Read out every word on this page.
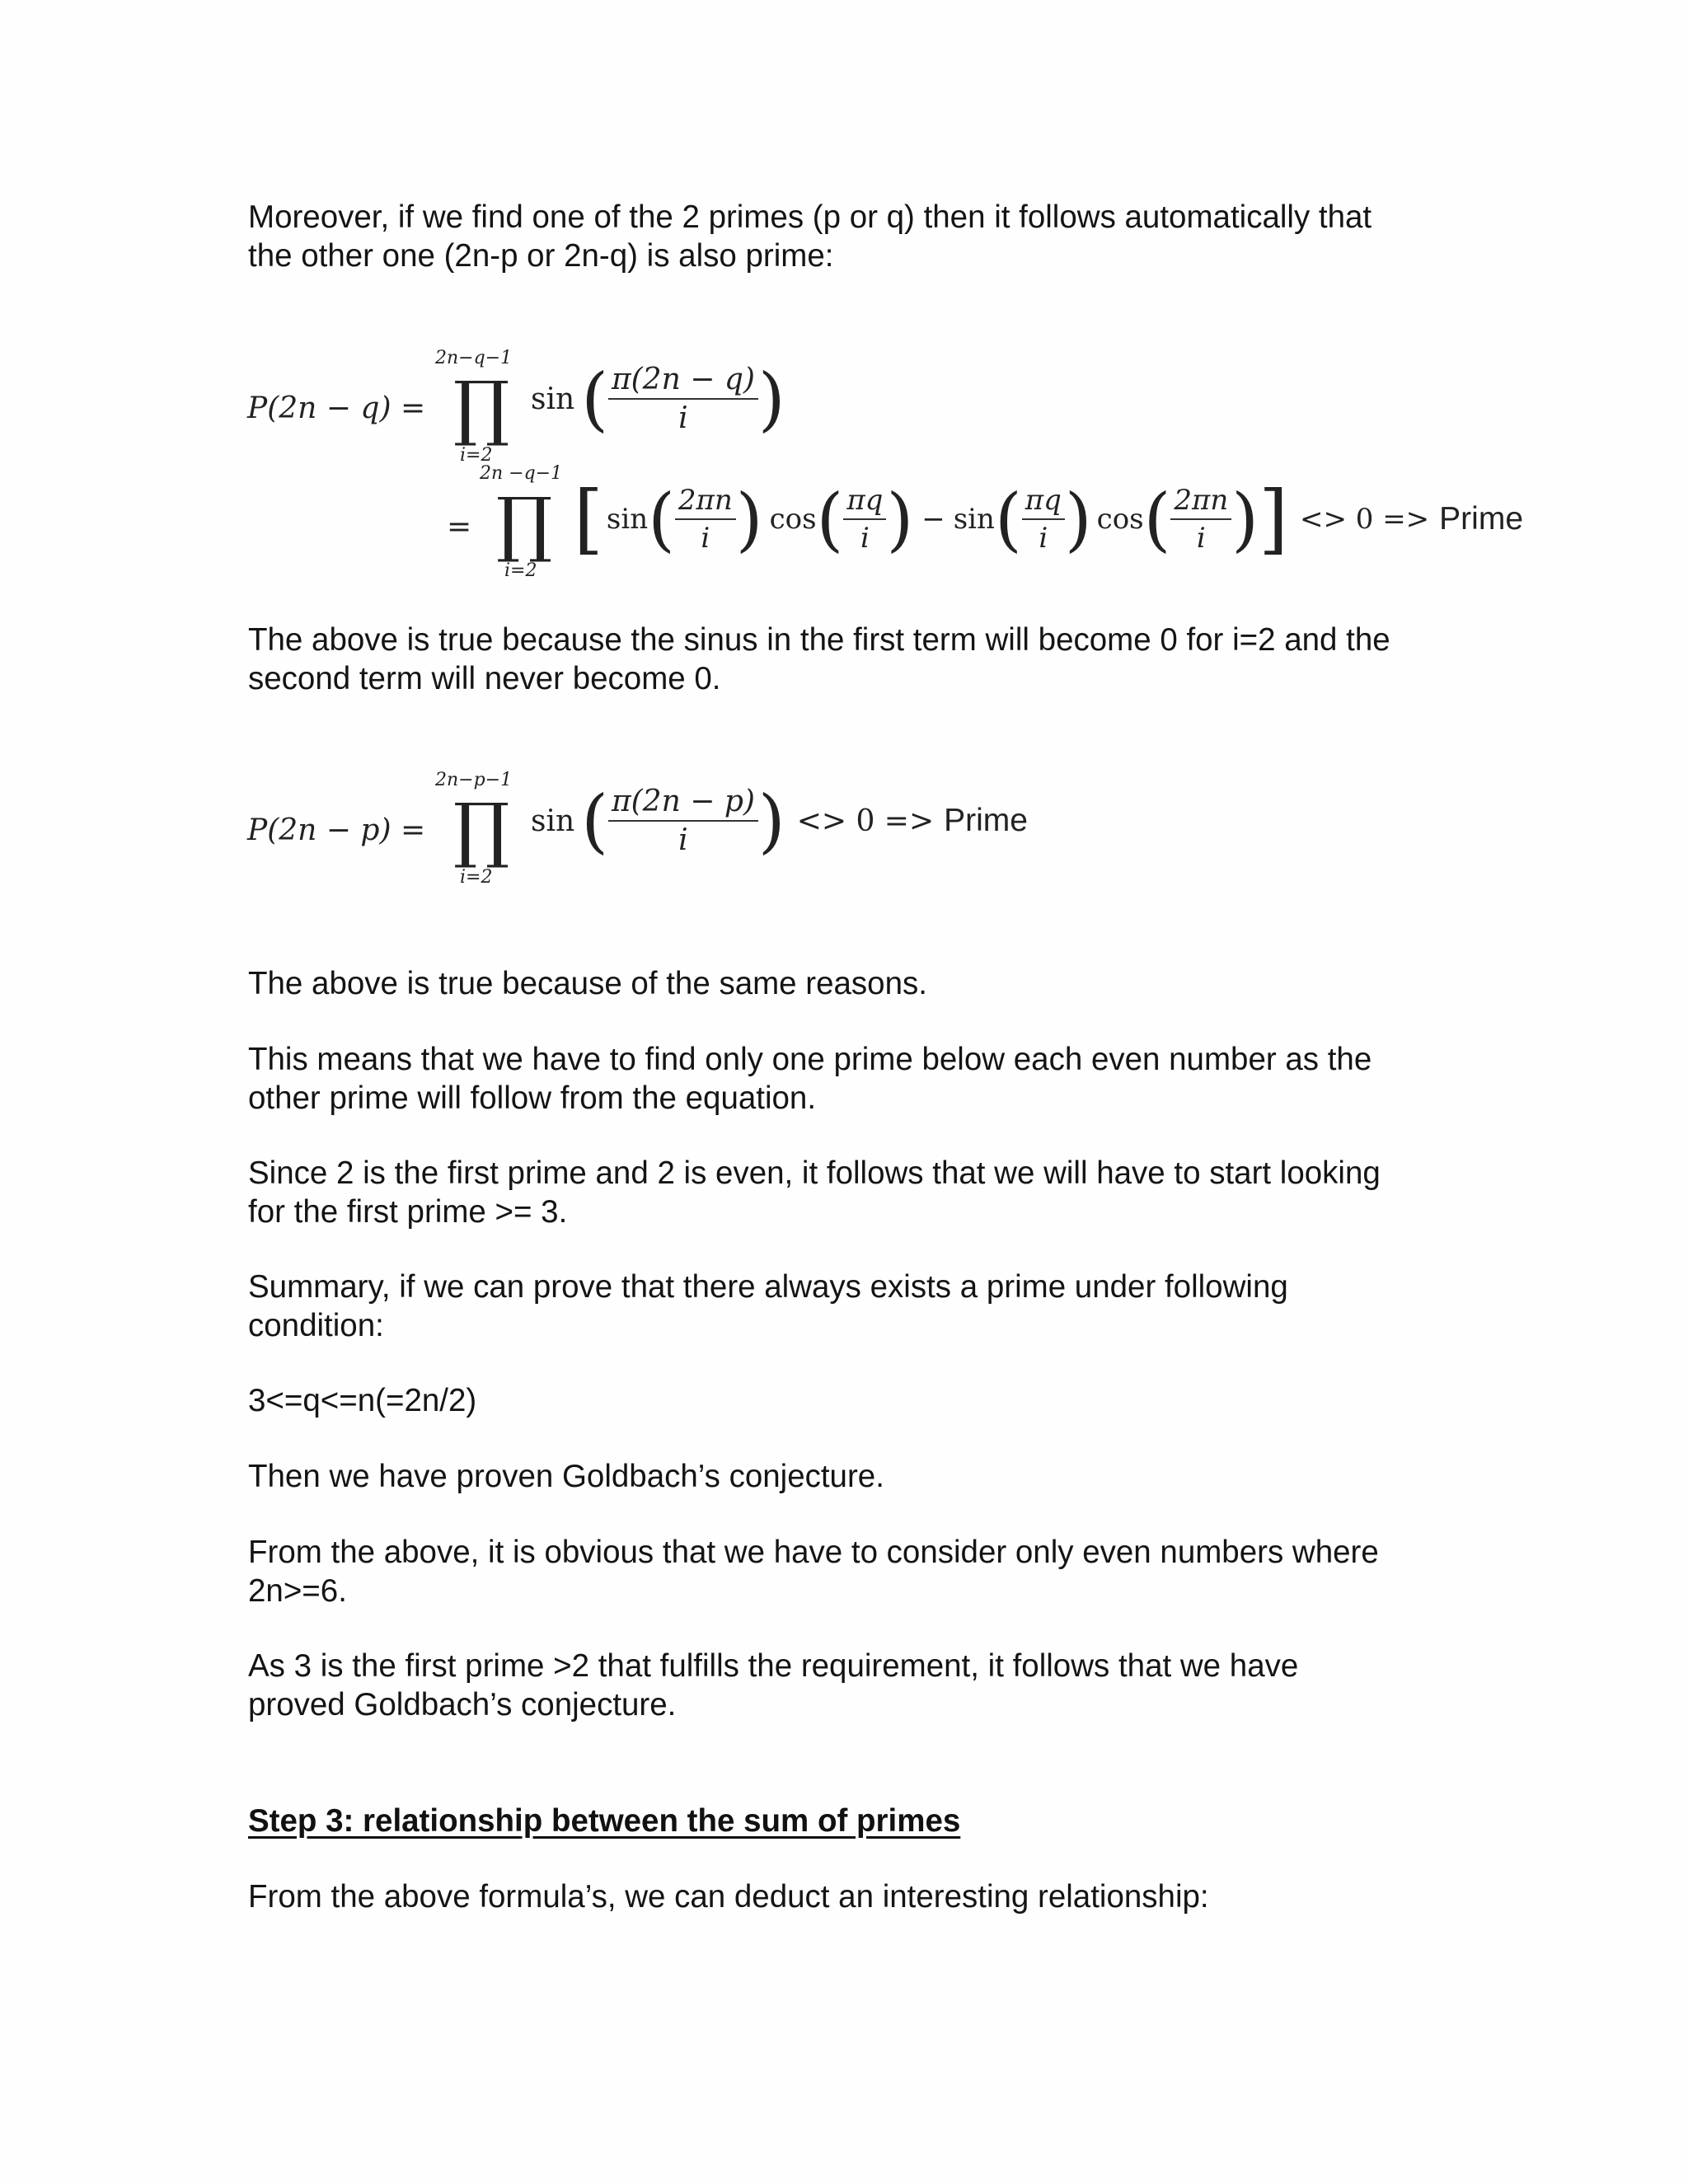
Moreover, if we find one of the 2 primes (p or q) then it follows automatically that
the other one (2n-p or 2n-q) is also prime:

P(2n − q) =
2n−q−1
∏
i=2
sin ( $\frac{\pi(2n - q)}{i}$ )
=
2n −q−1
∏
i=2
[ sin ( $\frac{2\pi n}{i}$ ) cos ( $\frac{\pi q}{i}$ ) − sin ( $\frac{\pi q}{i}$ ) cos ( $\frac{2\pi n}{i}$ ) ] <> 0 => Prime

The above is true because the sinus in the first term will become 0 for i=2 and the
second term will never become 0.

P(2n − p) =
2n−p−1
∏
i=2
sin ( $\frac{\pi(2n - p)}{i}$ ) <> 0 => Prime

The above is true because of the same reasons.

This means that we have to find only one prime below each even number as the
other prime will follow from the equation.

Since 2 is the first prime and 2 is even, it follows that we will have to start looking
for the first prime >= 3.

Summary, if we can prove that there always exists a prime under following
condition:

3<=q<=n(=2n/2)

Then we have proven Goldbach’s conjecture.

From the above, it is obvious that we have to consider only even numbers where
2n>=6.

As 3 is the first prime >2 that fulfills the requirement, it follows that we have
proved Goldbach’s conjecture.

Step 3: relationship between the sum of primes

From the above formula’s, we can deduct an interesting relationship:
